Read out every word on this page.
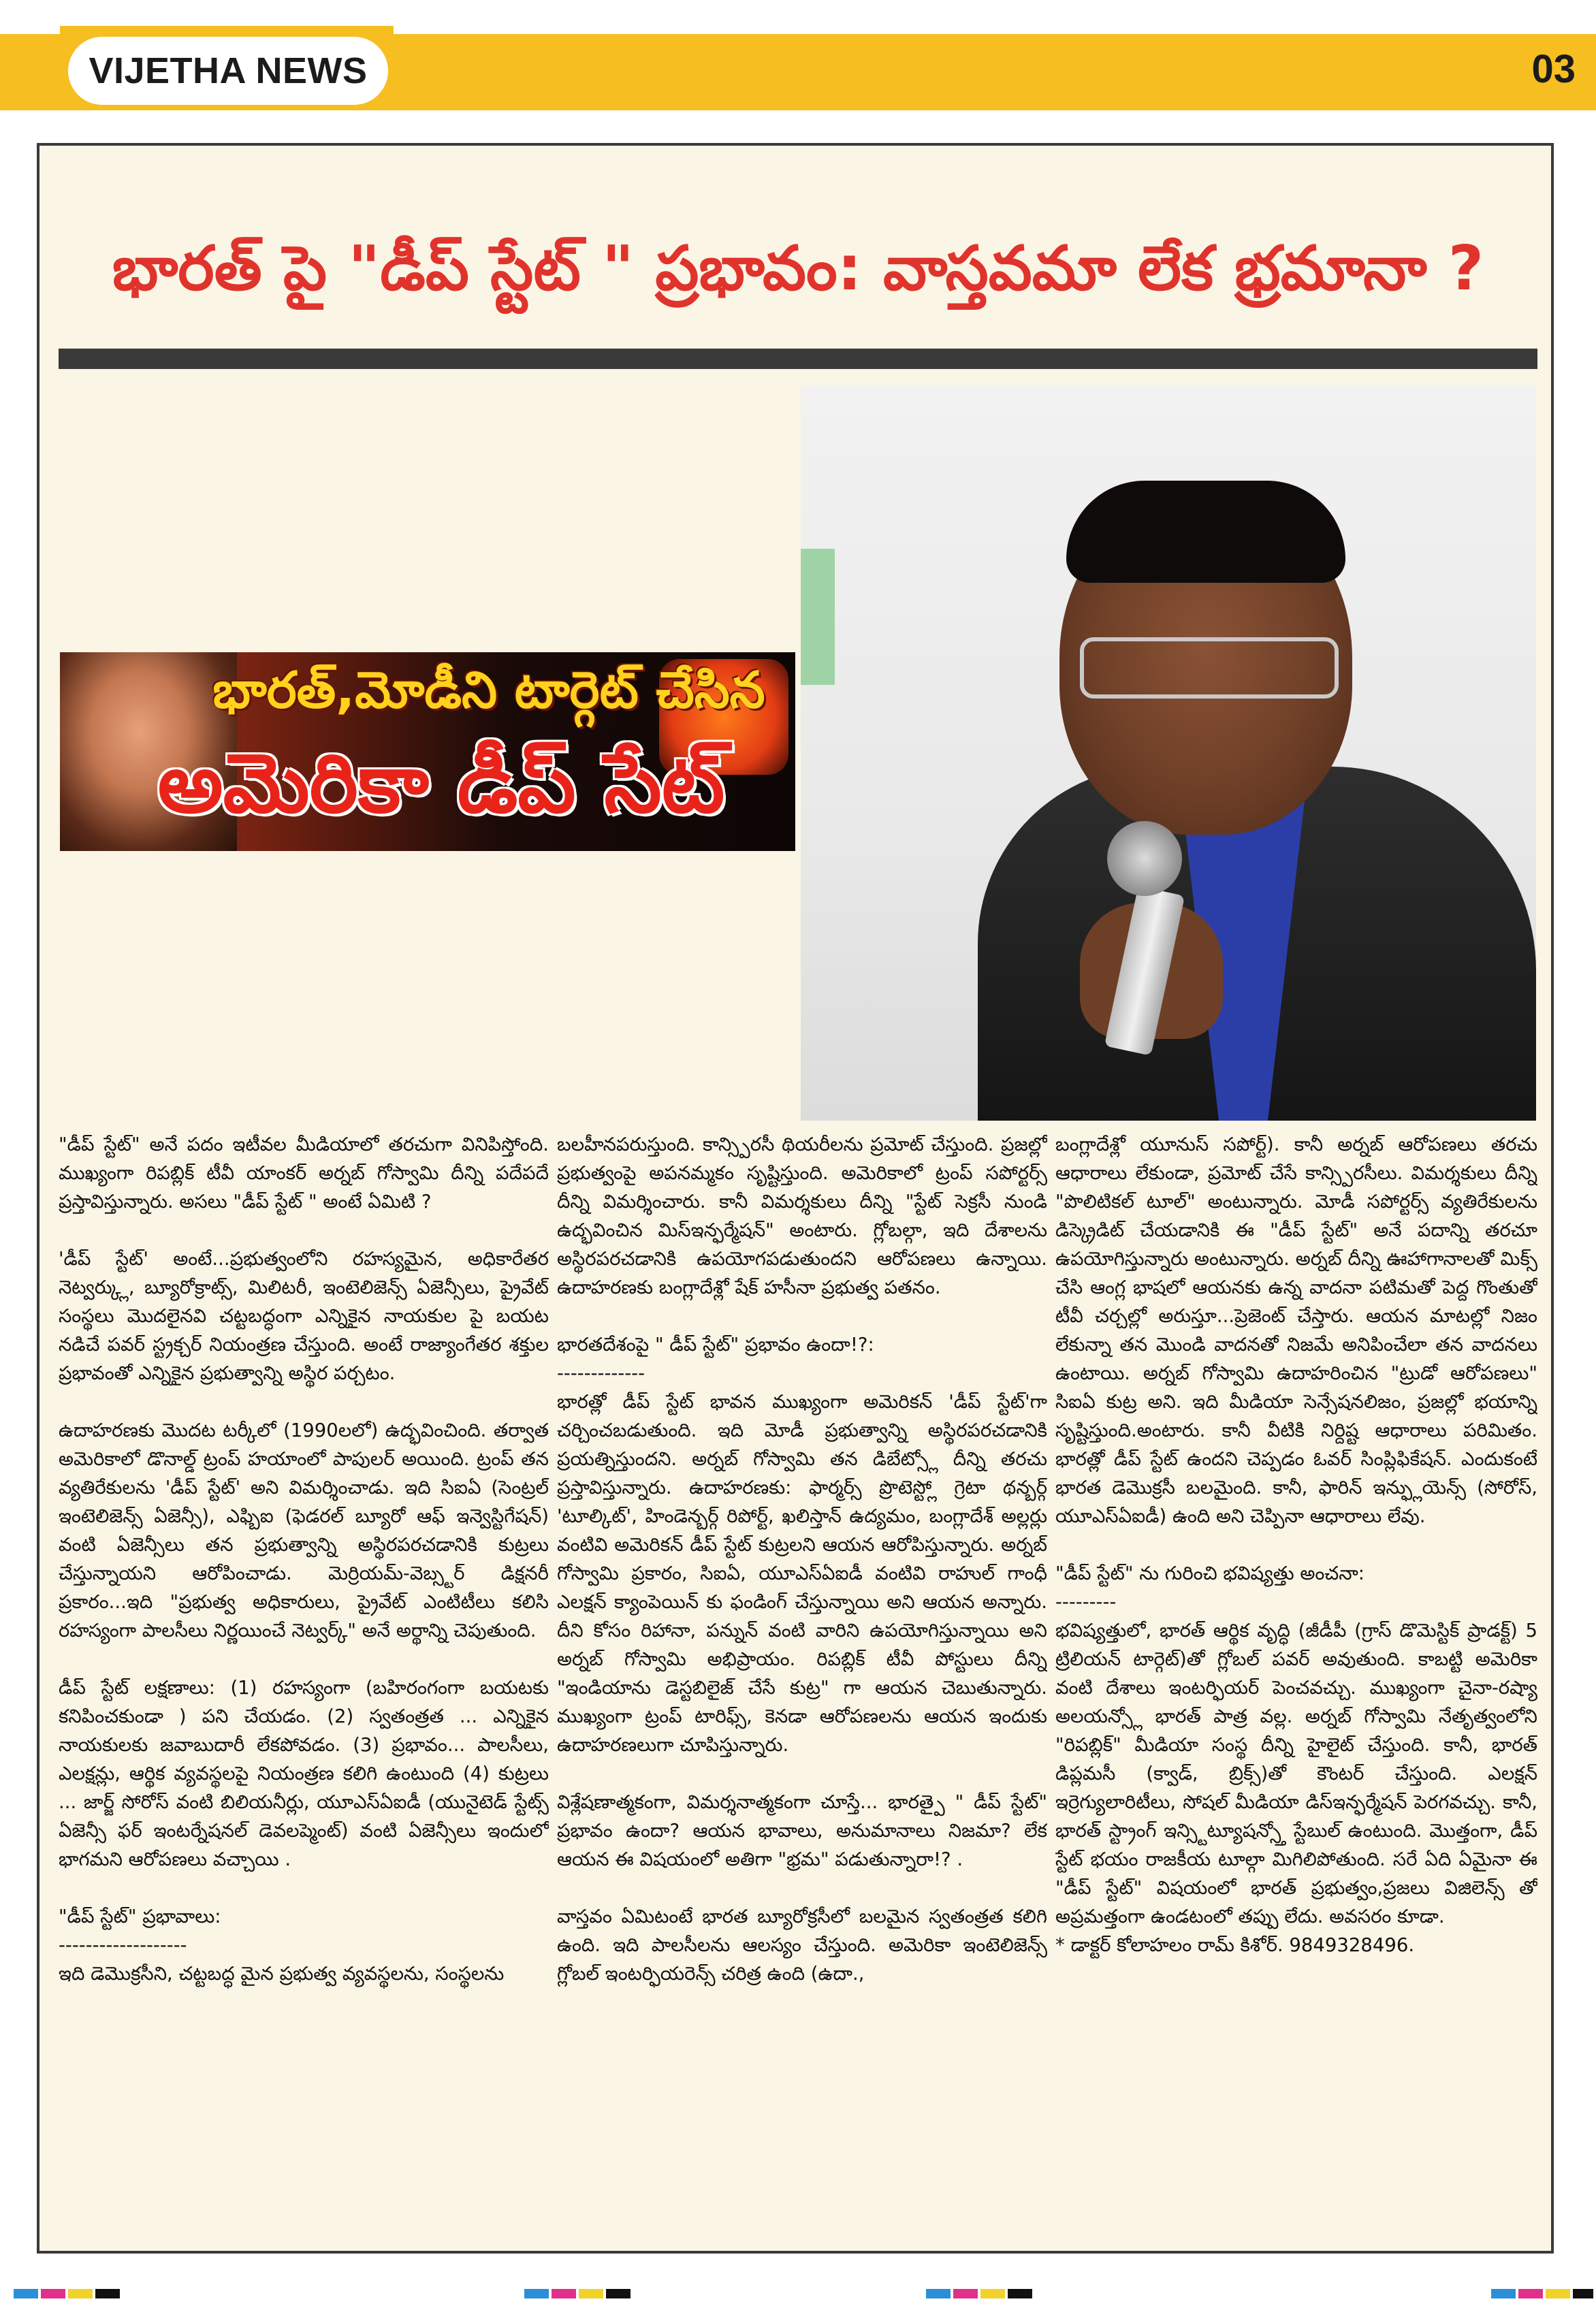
VIJETHA NEWS	03
భారత్ పై "డీప్ స్టేట్ " ప్రభావం: వాస్తవమా లేక భ్రమానా ?
భారత్,మోడీని టార్గెట్ చేసిన
అమెరికా డీప్ సేట్

"డీప్ స్టేట్" అనే పదం ఇటీవల మీడియాలో తరచుగా వినిపిస్తోంది. ముఖ్యంగా రిపబ్లిక్ టీవీ యాంకర్ అర్నబ్ గోస్వామి దీన్ని పదేపదే ప్రస్తావిస్తున్నారు. అసలు "డీప్ స్టేట్ " అంటే ఏమిటి ?

'డీప్ స్టేట్' అంటే...ప్రభుత్వంలోని రహస్యమైన, అధికారేతర నెట్వర్క్లు, బ్యూరోక్రాట్స్, మిలిటరీ, ఇంటెలిజెన్స్ ఏజెన్సీలు, ప్రైవేట్ సంస్థలు మొదలైనవి చట్టబద్ధంగా ఎన్నికైన నాయకుల పై బయట నడిచే పవర్ స్ట్రక్చర్ నియంత్రణ చేస్తుంది. అంటే రాజ్యాంగేతర శక్తుల ప్రభావంతో ఎన్నికైన ప్రభుత్వాన్ని అస్థిర పర్చటం.

ఉదాహరణకు మొదట టర్కీలో (1990లలో) ఉద్భవించింది. తర్వాత అమెరికాలో డొనాల్డ్ ట్రంప్ హయాంలో పాపులర్ అయింది. ట్రంప్ తన వ్యతిరేకులను 'డీప్ స్టేట్' అని విమర్శించాడు. ఇది సిఐఏ (సెంట్రల్ ఇంటెలిజెన్స్ ఏజెన్సీ), ఎఫ్బిఐ (ఫెడరల్ బ్యూరో ఆఫ్ ఇన్వెస్టిగేషన్) వంటి ఏజెన్సీలు తన ప్రభుత్వాన్ని అస్థిరపరచడానికి కుట్రలు చేస్తున్నాయని ఆరోపించాడు. మెర్రియమ్-వెబ్స్టర్ డిక్షనరీ ప్రకారం...ఇది "ప్రభుత్వ అధికారులు, ప్రైవేట్ ఎంటిటీలు కలిసి రహస్యంగా పాలసీలు నిర్ణయించే నెట్వర్క్" అనే అర్థాన్ని చెపుతుంది.

డీప్ స్టేట్ లక్షణాలు: (1) రహస్యంగా (బహిరంగంగా బయటకు కనిపించకుండా ) పని చేయడం. (2) స్వతంత్రత ... ఎన్నికైన నాయకులకు జవాబుదారీ లేకపోవడం. (3) ప్రభావం... పాలసీలు, ఎలక్షన్లు, ఆర్థిక వ్యవస్థలపై నియంత్రణ కలిగి ఉంటుంది (4) కుట్రలు ... జార్జ్ సోరోస్ వంటి బిలియనీర్లు, యూఎస్ఏఐడీ (యునైటెడ్ స్టేట్స్ ఏజెన్సీ ఫర్ ఇంటర్నేషనల్ డెవలప్మెంట్) వంటి ఏజెన్సీలు ఇందులో భాగమని ఆరోపణలు వచ్చాయి .

"డీప్ స్టేట్" ప్రభావాలు:

-------------------

ఇది డెమొక్రసీని, చట్టబద్ధ మైన ప్రభుత్వ వ్యవస్థలను, సంస్థలను

బలహీనపరుస్తుంది. కాన్స్పిరసీ థియరీలను ప్రమోట్ చేస్తుంది. ప్రజల్లో ప్రభుత్వంపై అపనమ్మకం సృష్టిస్తుంది. అమెరికాలో ట్రంప్ సపోర్టర్స్ దీన్ని విమర్శించారు. కానీ విమర్శకులు దీన్ని "స్టేట్ సెక్రసీ నుండి ఉద్భవించిన మిస్ఇన్ఫర్మేషన్" అంటారు. గ్లోబల్గా, ఇది దేశాలను అస్థిరపరచడానికి ఉపయోగపడుతుందని ఆరోపణలు ఉన్నాయి. ఉదాహరణకు బంగ్లాదేశ్లో షేక్ హసీనా ప్రభుత్వ పతనం.

భారతదేశంపై " డీప్ స్టేట్" ప్రభావం ఉందా!?:

-------------

భారత్లో డీప్ స్టేట్ భావన ముఖ్యంగా అమెరికన్ 'డీప్ స్టేట్'గా చర్చించబడుతుంది. ఇది మోడీ ప్రభుత్వాన్ని అస్థిరపరచడానికి ప్రయత్నిస్తుందని. అర్నబ్ గోస్వామి తన డిబేట్స్లో దీన్ని తరచు ప్రస్తావిస్తున్నారు. ఉదాహరణకు: ఫార్మర్స్ ప్రొటెస్ట్లో గ్రెటా థన్బర్గ్ 'టూల్కిట్', హిండెన్బర్గ్ రిపోర్ట్, ఖలిస్తాన్ ఉద్యమం, బంగ్లాదేశ్ అల్లర్లు వంటివి అమెరికన్ డీప్ స్టేట్ కుట్రలని ఆయన ఆరోపిస్తున్నారు. అర్నబ్ గోస్వామి ప్రకారం, సిఐఏ, యూఎస్ఏఐడీ వంటివి రాహుల్ గాంధీ ఎలక్షన్ క్యాంపెయిన్ కు ఫండింగ్ చేస్తున్నాయి అని ఆయన అన్నారు. దీని కోసం రిహానా, పన్నున్ వంటి వారిని ఉపయోగిస్తున్నాయి అని అర్నబ్ గోస్వామి అభిప్రాయం. రిపబ్లిక్ టీవీ పోస్టులు దీన్ని "ఇండియాను డెస్టబిలైజ్ చేసే కుట్ర" గా ఆయన చెబుతున్నారు. ముఖ్యంగా ట్రంప్ టారిఫ్స్, కెనడా ఆరోపణలను ఆయన ఇందుకు ఉదాహరణలుగా చూపిస్తున్నారు.

విశ్లేషణాత్మకంగా, విమర్శనాత్మకంగా చూస్తే... భారత్పై " డీప్ స్టేట్" ప్రభావం ఉందా? ఆయన భావాలు, అనుమానాలు నిజమా? లేక ఆయన ఈ విషయంలో అతిగా "భ్రమ" పడుతున్నారా!? .

వాస్తవం ఏమిటంటే భారత బ్యూరోక్రసీలో బలమైన స్వతంత్రత కలిగి ఉంది. ఇది పాలసీలను ఆలస్యం చేస్తుంది. అమెరికా ఇంటెలిజెన్స్ గ్లోబల్ ఇంటర్ఫియరెన్స్ చరిత్ర ఉంది (ఉదా.,

బంగ్లాదేశ్లో యూనుస్ సపోర్ట్). కానీ అర్నబ్ ఆరోపణలు తరచు ఆధారాలు లేకుండా, ప్రమోట్ చేసే కాన్స్పిరసీలు. విమర్శకులు దీన్ని "పొలిటికల్ టూల్" అంటున్నారు. మోడీ సపోర్టర్స్ వ్యతిరేకులను డిస్క్రెడిట్ చేయడానికి ఈ "డీప్ స్టేట్" అనే పదాన్ని తరచూ ఉపయోగిస్తున్నారు అంటున్నారు. అర్నబ్ దీన్ని ఊహాగానాలతో మిక్స్ చేసి ఆంగ్ల భాషలో ఆయనకు ఉన్న వాదనా పటిమతో పెద్ద గొంతుతో టీవీ చర్చల్లో అరుస్తూ...ప్రెజెంట్ చేస్తారు. ఆయన మాటల్లో నిజం లేకున్నా తన మొండి వాదనతో నిజమే అనిపించేలా తన వాదనలు ఉంటాయి. అర్నబ్ గోస్వామి ఉదాహరించిన "ట్రుడో ఆరోపణలు" సిఐఏ కుట్ర అని. ఇది మీడియా సెన్సేషనలిజం, ప్రజల్లో భయాన్ని సృష్టిస్తుంది.అంటారు. కానీ వీటికి నిర్దిష్ట ఆధారాలు పరిమితం. భారత్లో డీప్ స్టేట్ ఉందని చెప్పడం ఓవర్ సింప్లిఫికేషన్. ఎందుకంటే భారత డెమొక్రసీ బలమైంది. కానీ, ఫారిన్ ఇన్ఫ్లుయెన్స్ (సోరోస్, యూఎస్ఏఐడీ) ఉంది అని చెప్పినా ఆధారాలు లేవు.

"డీప్ స్టేట్" ను గురించి భవిష్యత్తు అంచనా:

---------

భవిష్యత్తులో, భారత్ ఆర్థిక వృద్ధి (జీడీపీ (గ్రాస్ డొమెస్టిక్ ప్రాడక్ట్) 5 ట్రిలియన్ టార్గెట్)తో గ్లోబల్ పవర్ అవుతుంది. కాబట్టి అమెరికా వంటి దేశాలు ఇంటర్ఫియర్ పెంచవచ్చు. ముఖ్యంగా చైనా-రష్యా అలయన్స్లో భారత్ పాత్ర వల్ల. అర్నబ్ గోస్వామి నేతృత్వంలోని "రిపబ్లిక్" మీడియా సంస్థ దీన్ని హైలైట్ చేస్తుంది. కానీ, భారత్ డిప్లమసీ (క్వాడ్, బ్రిక్స్)తో కౌంటర్ చేస్తుంది. ఎలక్షన్ ఇర్రెగ్యులారిటీలు, సోషల్ మీడియా డిస్ఇన్ఫర్మేషన్ పెరగవచ్చు. కానీ, భారత్ స్ట్రాంగ్ ఇన్స్టిట్యూషన్స్తో స్టేబుల్ ఉంటుంది. మొత్తంగా, డీప్ స్టేట్ భయం రాజకీయ టూల్గా మిగిలిపోతుంది. సరే ఏది ఏమైనా ఈ "డీప్ స్టేట్" విషయంలో భారత్ ప్రభుత్వం,ప్రజలు విజిలెన్స్ తో అప్రమత్తంగా ఉండటంలో తప్పు లేదు. అవసరం కూడా.

* డాక్టర్ కోలాహలం రామ్ కిశోర్. 9849328496.
